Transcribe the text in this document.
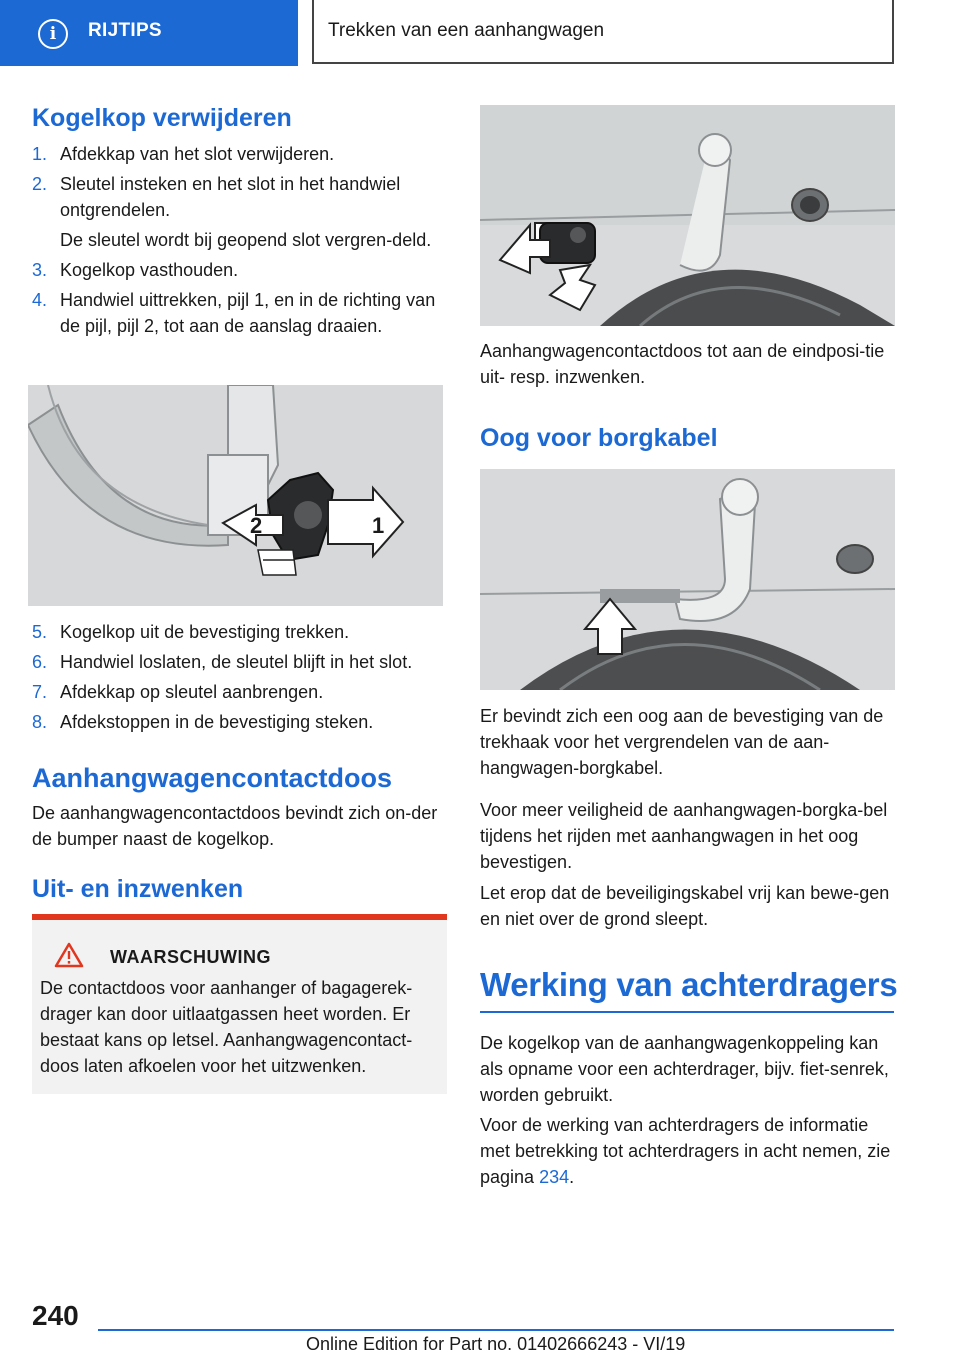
i	RIJTIPS	Trekken van een aanhangwagen
Kogelkop verwijderen
1. Afdekkap van het slot verwijderen.
2. Sleutel insteken en het slot in het handwiel ontgrendelen.

De sleutel wordt bij geopend slot vergren‐deld.

3. Kogelkop vasthouden.
4. Handwiel uittrekken, pijl 1, en in de richting van de pijl, pijl 2, tot aan de aanslag draaien.
1
2
5. Kogelkop uit de bevestiging trekken.
6. Handwiel loslaten, de sleutel blijft in het slot.
7. Afdekkap op sleutel aanbrengen.
8. Afdekstoppen in de bevestiging steken.
Aanhangwagencontactdoos

De aanhangwagencontactdoos bevindt zich on‐der de bumper naast de kogelkop.

Uit- en inzwenken
WAARSCHUWING
De contactdoos voor aanhanger of bagagerek‐drager kan door uitlaatgassen heet worden. Er bestaat kans op letsel. Aanhangwagencontact‐doos laten afkoelen voor het uitzwenken.

Aanhangwagencontactdoos tot aan de eindposi‐tie uit- resp. inzwenken.

Oog voor borgkabel

Er bevindt zich een oog aan de bevestiging van de trekhaak voor het vergrendelen van de aan‐hangwagen-borgkabel.

Voor meer veiligheid de aanhangwagen-borgka‐bel tijdens het rijden met aanhangwagen in het oog bevestigen.

Let erop dat de beveiligingskabel vrij kan bewe‐gen en niet over de grond sleept.

Werking van achterdragers

De kogelkop van de aanhangwagenkoppeling kan als opname voor een achterdrager, bijv. fiet‐senrek, worden gebruikt.

Voor de werking van achterdragers de informatie met betrekking tot achterdragers in acht nemen, zie pagina 234.

240
Online Edition for Part no. 01402666243 - VI/19
